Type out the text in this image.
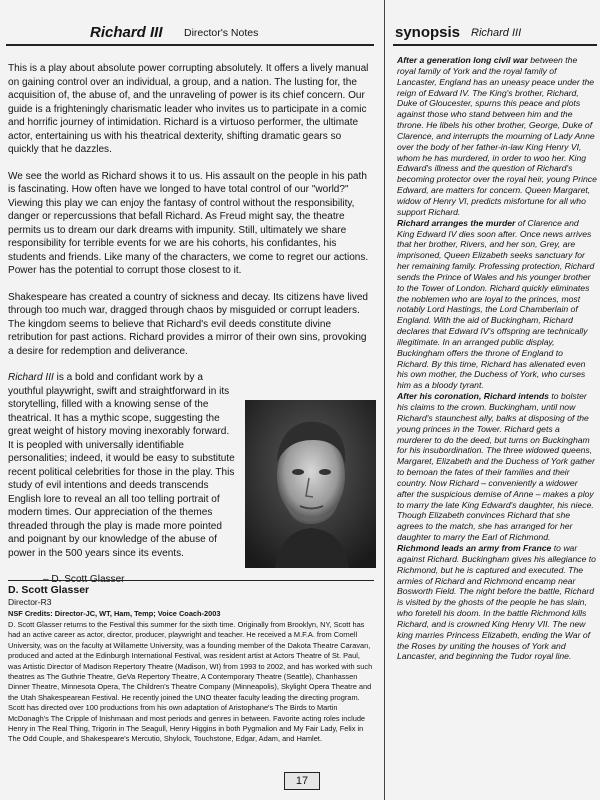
Richard III Director's Notes

This is a play about absolute power corrupting absolutely. It offers a lively manual on gaining control over an individual, a group, and a nation. The lusting for, the acquisition of, the abuse of, and the unraveling of power is its chief concern. Our guide is a frighteningly charismatic leader who invites us to participate in a comic and horrific journey of intimidation. Richard is a virtuoso performer, the ultimate actor, entertaining us with his theatrical dexterity, shifting dramatic gears so quickly that he dazzles.

We see the world as Richard shows it to us. His assault on the people in his path is fascinating. How often have we longed to have total control of our "world?" Viewing this play we can enjoy the fantasy of control without the responsibility, danger or repercussions that befall Richard. As Freud might say, the theatre permits us to dream our dark dreams with impunity. Still, ultimately we share responsibility for terrible events for we are his cohorts, his confidantes, his students and friends. Like many of the characters, we come to regret our actions. Power has the potential to corrupt those closest to it.

Shakespeare has created a country of sickness and decay. Its citizens have lived through too much war, dragged through chaos by misguided or corrupt leaders. The kingdom seems to believe that Richard's evil deeds constitute divine retribution for past actions. Richard provides a mirror of their own sins, provoking a desire for redemption and deliverance.

Richard III is a bold and confidant work by a youthful playwright, swift and straightforward in its storytelling, filled with a knowing sense of the theatrical. It has a mythic scope, suggesting the great weight of history moving inexorably forward. It is peopled with universally identifiable personalities; indeed, it would be easy to substitute recent political celebrities for those in the play. This study of evil intentions and deeds transcends English lore to reveal an all too telling portrait of modern times. Our appreciation of the themes threaded through the play is made more pointed and poignant by our knowledge of the abuse of power in the 500 years since its events.

– D. Scott Glasser

D. Scott Glasser

Director-R3

NSF Credits: Director-JC, WT, Ham, Temp; Voice Coach-2003

D. Scott Glasser returns to the Festival this summer for the sixth time. Originally from Brooklyn, NY, Scott has had an active career as actor, director, producer, playwright and teacher. He received a M.F.A. from Cornell University, was on the faculty at Willamette University, was a founding member of the Dakota Theatre Caravan, produced and acted at the Edinburgh International Festival, was resident artist at Actors Theatre of St. Paul, was Artistic Director of Madison Repertory Theatre (Madison, WI) from 1993 to 2002, and has worked with such theatres as The Guthrie Theatre, GeVa Repertory Theatre, A Contemporary Theatre (Seattle), Chanhassen Dinner Theatre, Minnesota Opera, The Children's Theatre Company (Minneapolis), Skylight Opera Theatre and the Utah Shakespearean Festival. He recently joined the UNO theater faculty leading the directing program. Scott has directed over 100 productions from his own adaptation of Aristophane's The Birds to Martin McDonagh's The Cripple of Inishmaan and most periods and genres in between. Favorite acting roles include Henry in The Real Thing, Trigorin in The Seagull, Henry Higgins in both Pygmalion and My Fair Lady, Felix in The Odd Couple, and Shakespeare's Mercutio, Shylock, Touchstone, Edgar, Adam, and Hamlet.

synopsis Richard III

After a generation long civil war between the royal family of York and the royal family of Lancaster, England has an uneasy peace under the reign of Edward IV. The King's brother, Richard, Duke of Gloucester, spurns this peace and plots against those who stand between him and the throne. He libels his other brother, George, Duke of Clarence, and interrupts the mourning of Lady Anne over the body of her father-in-law King Henry VI, whom he has murdered, in order to woo her. King Edward's illness and the question of Richard's becoming protector over the royal heir, young Prince Edward, are matters for concern. Queen Margaret, widow of Henry VI, predicts misfortune for all who support Richard.

Richard arranges the murder of Clarence and King Edward IV dies soon after. Once news arrives that her brother, Rivers, and her son, Grey, are imprisoned, Queen Elizabeth seeks sanctuary for her remaining family. Professing protection, Richard sends the Prince of Wales and his younger brother to the Tower of London. Richard quickly eliminates the noblemen who are loyal to the princes, most notably Lord Hastings, the Lord Chamberlain of England. With the aid of Buckingham, Richard declares that Edward IV's offspring are technically illegitimate. In an arranged public display, Buckingham offers the throne of England to Richard. By this time, Richard has alienated even his own mother, the Duchess of York, who curses him as a bloody tyrant.

After his coronation, Richard intends to bolster his claims to the crown. Buckingham, until now Richard's staunchest ally, balks at disposing of the young princes in the Tower. Richard gets a murderer to do the deed, but turns on Buckingham for his insubordination. The three widowed queens, Margaret, Elizabeth and the Duchess of York gather to bemoan the fates of their families and their country. Now Richard – conveniently a widower after the suspicious demise of Anne – makes a ploy to marry the late King Edward's daughter, his niece. Though Elizabeth convinces Richard that she agrees to the match, she has arranged for her daughter to marry the Earl of Richmond.

Richmond leads an army from France to war against Richard. Buckingham gives his allegiance to Richmond, but he is captured and executed. The armies of Richard and Richmond encamp near Bosworth Field. The night before the battle, Richard is visited by the ghosts of the people he has slain, who foretell his doom. In the battle Richmond kills Richard, and is crowned King Henry VII. The new king marries Princess Elizabeth, ending the War of the Roses by uniting the houses of York and Lancaster, and beginning the Tudor royal line.

17
